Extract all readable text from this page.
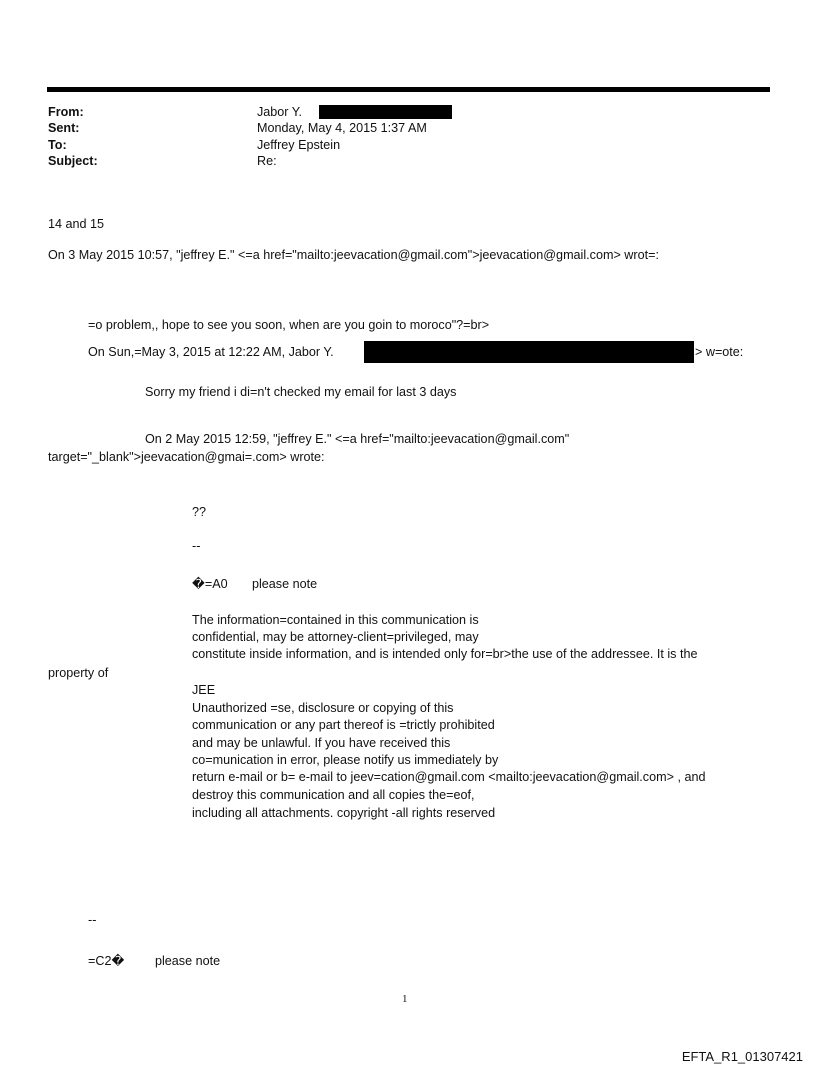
From:	Jabor Y.
Sent:	Monday, May 4, 2015 1:37 AM
To:	Jeffrey Epstein
Subject:	Re:
14 and 15
On 3 May 2015 10:57, "jeffrey E." <=a href="mailto:jeevacation@gmail.com">jeevacation@gmail.com> wrot=:
=o problem,, hope to see you soon, when are you goin to moroco"?=br>
On Sun,=May 3, 2015 at 12:22 AM, Jabor Y.	> w=ote:
Sorry my friend i di=n't checked my email for last 3 days
On 2 May 2015 12:59, "jeffrey E." <=a href="mailto:jeevacation@gmail.com"
target="_blank">jeevacation@gmai=.com> wrote:
??
--
�=A0 please note
The information=contained in this communication is
confidential, may be attorney-client=privileged, may
constitute inside information, and is intended only for=br>the use of the addressee. It is the
property of
JEE
Unauthorized =se, disclosure or copying of this
communication or any part thereof is =trictly prohibited
and may be unlawful. If you have received this
co=munication in error, please notify us immediately by
return e-mail or b= e-mail to jeev=cation@gmail.com <mailto:jeevacation@gmail.com> , and
destroy this communication and all copies the=eof,
including all attachments. copyright -all rights reserved
--
=C2� please note
1
EFTA_R1_01307421
